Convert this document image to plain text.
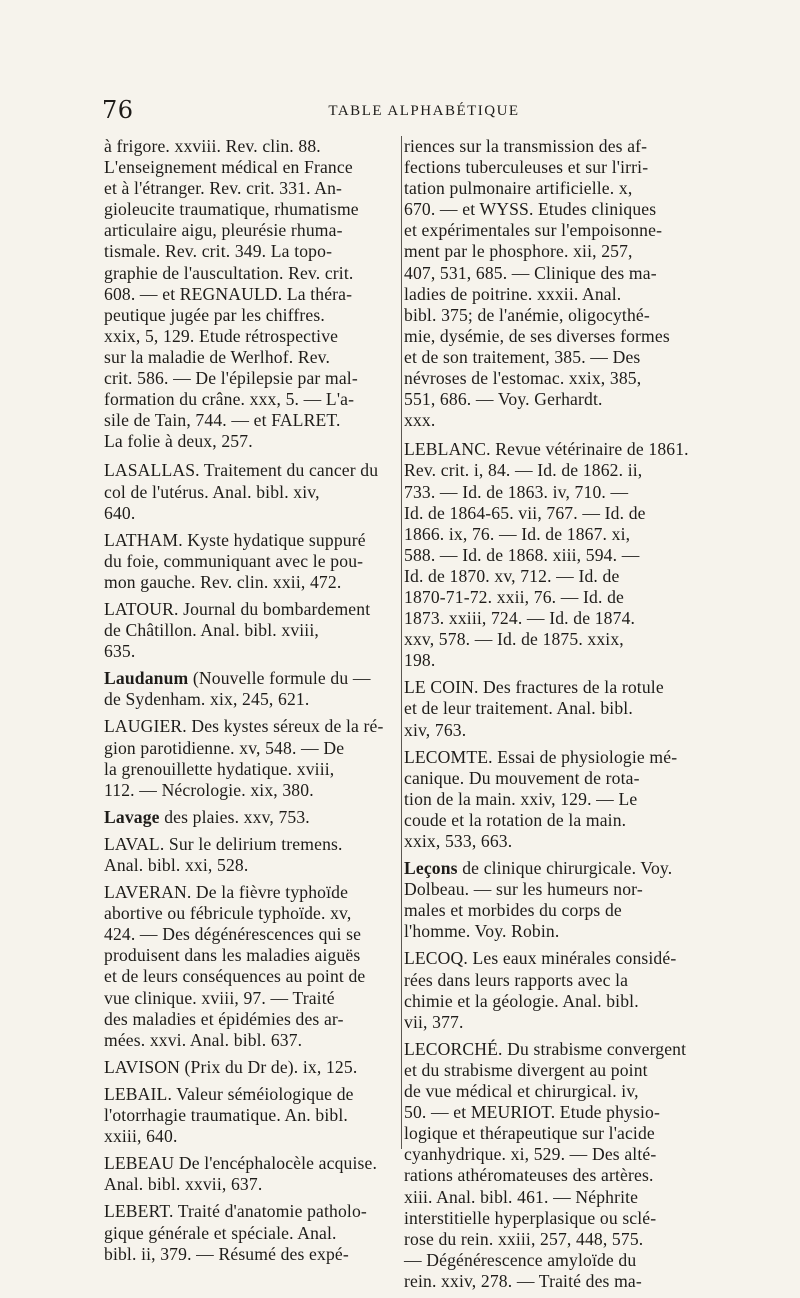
76	TABLE ALPHABÉTIQUE
à frigore. xxviii. Rev. clin. 88.
L'enseignement médical en France
et à l'étranger. Rev. crit. 331. An-
gioleucite traumatique, rhumatisme
articulaire aigu, pleurésie rhuma-
tismale. Rev. crit. 349. La topo-
graphie de l'auscultation. Rev. crit.
608. — et REGNAULD. La théra-
peutique jugée par les chiffres.
xxix, 5, 129. Etude rétrospective
sur la maladie de Werlhof. Rev.
crit. 586. — De l'épilepsie par mal-
formation du crâne. xxx, 5. — L'a-
sile de Tain, 744. — et FALRET.
La folie à deux, 257.
LASALLAS. Traitement du cancer du
col de l'utérus. Anal. bibl. xiv,
640.
LATHAM. Kyste hydatique suppuré
du foie, communiquant avec le pou-
mon gauche. Rev. clin. xxii, 472.
LATOUR. Journal du bombardement
de Châtillon. Anal. bibl. xviii,
635.
Laudanum (Nouvelle formule du —
de Sydenham. xix, 245, 621.
LAUGIER. Des kystes séreux de la ré-
gion parotidienne. xv, 548. — De
la grenouillette hydatique. xviii,
112. — Nécrologie. xix, 380.
Lavage des plaies. xxv, 753.
LAVAL. Sur le delirium tremens.
Anal. bibl. xxi, 528.
LAVERAN. De la fièvre typhoïde
abortive ou fébricule typhoïde. xv,
424. — Des dégénérescences qui se
produisent dans les maladies aiguës
et de leurs conséquences au point de
vue clinique. xviii, 97. — Traité
des maladies et épidémies des ar-
mées. xxvi. Anal. bibl. 637.
LAVISON (Prix du Dr de). ix, 125.
LEBAIL. Valeur séméiologique de
l'otorrhagie traumatique. An. bibl.
xxiii, 640.
LEBEAU De l'encéphalocèle acquise.
Anal. bibl. xxvii, 637.
LEBERT. Traité d'anatomie patholo-
gique générale et spéciale. Anal.
bibl. ii, 379. — Résumé des expé-
riences sur la transmission des af-
fections tuberculeuses et sur l'irri-
tation pulmonaire artificielle. x,
670. — et WYSS. Etudes cliniques
et expérimentales sur l'empoisonne-
ment par le phosphore. xii, 257,
407, 531, 685. — Clinique des ma-
ladies de poitrine. xxxii. Anal.
bibl. 375; de l'anémie, oligocythé-
mie, dysémie, de ses diverses formes
et de son traitement, 385. — Des
névroses de l'estomac. xxix, 385,
551, 686. — Voy. Gerhardt.
xxx.
LEBLANC. Revue vétérinaire de 1861.
Rev. crit. i, 84. — Id. de 1862. ii,
733. — Id. de 1863. iv, 710. —
Id. de 1864-65. vii, 767. — Id. de
1866. ix, 76. — Id. de 1867. xi,
588. — Id. de 1868. xiii, 594. —
Id. de 1870. xv, 712. — Id. de
1870-71-72. xxii, 76. — Id. de
1873. xxiii, 724. — Id. de 1874.
xxv, 578. — Id. de 1875. xxix,
198.
LE COIN. Des fractures de la rotule
et de leur traitement. Anal. bibl.
xiv, 763.
LECOMTE. Essai de physiologie mé-
canique. Du mouvement de rota-
tion de la main. xxiv, 129. — Le
coude et la rotation de la main.
xxix, 533, 663.
Leçons de clinique chirurgicale. Voy.
Dolbeau. — sur les humeurs nor-
males et morbides du corps de
l'homme. Voy. Robin.
LECOQ. Les eaux minérales considé-
rées dans leurs rapports avec la
chimie et la géologie. Anal. bibl.
vii, 377.
LECORCHÉ. Du strabisme convergent
et du strabisme divergent au point
de vue médical et chirurgical. iv,
50. — et MEURIOT. Etude physio-
logique et thérapeutique sur l'acide
cyanhydrique. xi, 529. — Des alté-
rations athéromateuses des artères.
xiii. Anal. bibl. 461. — Néphrite
interstitielle hyperplasique ou sclé-
rose du rein. xxiii, 257, 448, 575.
— Dégénérescence amyloïde du
rein. xxiv, 278. — Traité des ma-
